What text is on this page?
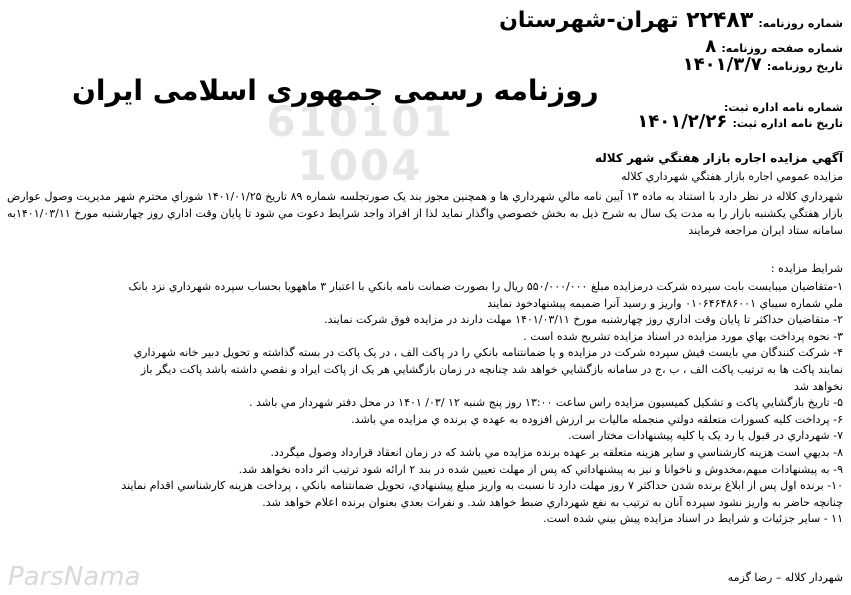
610101 1004
ParsNama
شماره روزنامه: ۲۲۴۸۳ تهران-شهرستان
شماره صفحه روزنامه: ۸
تاریخ روزنامه: ۱۴۰۱/۳/۷
روزنامه رسمی جمهوری اسلامی ایران
شماره نامه اداره ثبت:
تاریخ نامه اداره ثبت: ۱۴۰۱/۲/۲۶
آگهي مزايده اجاره بازار هفتگي شهر كلاله
مزايده عمومي اجاره بازار هفتگي شهرداري كلاله
شهرداري كلاله در نظر دارد با استناد به ماده ۱۳ آيين نامه مالي شهرداري ها و همچنين مجوز بند يک صورتجلسه شماره ۸۹ تاريخ ۱۴۰۱/۰۱/۲۵ شوراي محترم شهر مديريت وصول عوارض بازار هفتگي يكشنبه بازار را به مدت يک سال به شرح ذيل به بخش خصوصي واگذار نمايد لذا از افراد واجد شرايط دعوت مي شود تا پايان وقت اداري روز چهارشنبه مورخ ۱۴۰۱/۰۳/۱۱به سامانه ستاد ايران مراجعه فرمايند
شرايط مزايده :
۱-متقاضيان ميبايست بابت سپرده شركت درمزايده مبلغ ۵۵۰/۰۰۰/۰۰۰ ريال را بصورت ضمانت نامه بانكي با اعتبار ۳ ماههويا بحساب سپرده شهرداري نزد بانک
ملي شماره سيباي ۰۱۰۶۴۶۴۸۶۰۰۱ واريز و رسيد آنرا ضميمه پيشنهادخود نمايند
۲- متقاضيان حداكثر تا پايان وقت اداري روز چهارشنبه مورخ ۱۴۰۱/۰۳/۱۱ مهلت دارند در مزايده فوق شركت نمايند.
۳- نحوه پرداخت بهاي مورد مزايده در اسناد مزايده تشريح شده است .
۴- شركت كنندگان مي بايست فيش سپرده شركت در مزايده و يا ضمانتنامه بانكي را در پاكت الف ، در يک پاكت در بسته گذاشته و تحويل دبير خانه شهرداري
نمايند پاكت ها به ترتيب پاكت الف ، ب ،ج در سامانه بازگشايي خواهد شد چنانچه در زمان بازگشايي هر يک از پاكت ايراد و نقصي داشته باشد پاكت ديگر باز
نخواهد شد
۵- تاريخ بازگشايي پاكت و تشكيل كميسيون مزايده راس ساعت ۱۳:۰۰ روز پنج شنبه ۱۲ /۰۳/ ۱۴۰۱ در محل دفتر شهردار مي باشد .
۶- پرداخت كليه كسورات متعلقه دولتي منجمله ماليات بر ارزش افزوده به عهده ي برنده ي مزايده مي باشد.
۷- شهرداري در قبول يا رد يک يا كليه پيشنهادات مختار است.
۸- بديهي است هزينه كارشناسي و ساير هزينه متعلقه بر عهده برنده مزايده مي باشد كه در زمان انعقاد قرارداد وصول ميگردد.
۹- به پيشنهادات مبهم،مخدوش و ناخوانا و نيز به پيشنهاداتي كه پس از مهلت تعيين شده در بند ۲ ارائه شود ترتيب اثر داده نخواهد شد.
۱۰- برنده اول پس از ابلاغ برنده شدن حداكثر ۷ روز مهلت دارد تا نسبت به واريز مبلغ پيشنهادي، تحويل ضمانتنامه بانكي ، پرداخت هزينه كارشناسي اقدام نمايند
چنانچه حاضر به واريز نشود سپرده آنان به ترتيب به نفع شهرداري ضبط خواهد شد. و نفرات بعدي بعنوان برنده اعلام خواهد شد.
۱۱ - ساير جزئيات و شرايط در اسناد مزايده پيش بيني شده است.
شهردار كلاله – رضا گزمه
